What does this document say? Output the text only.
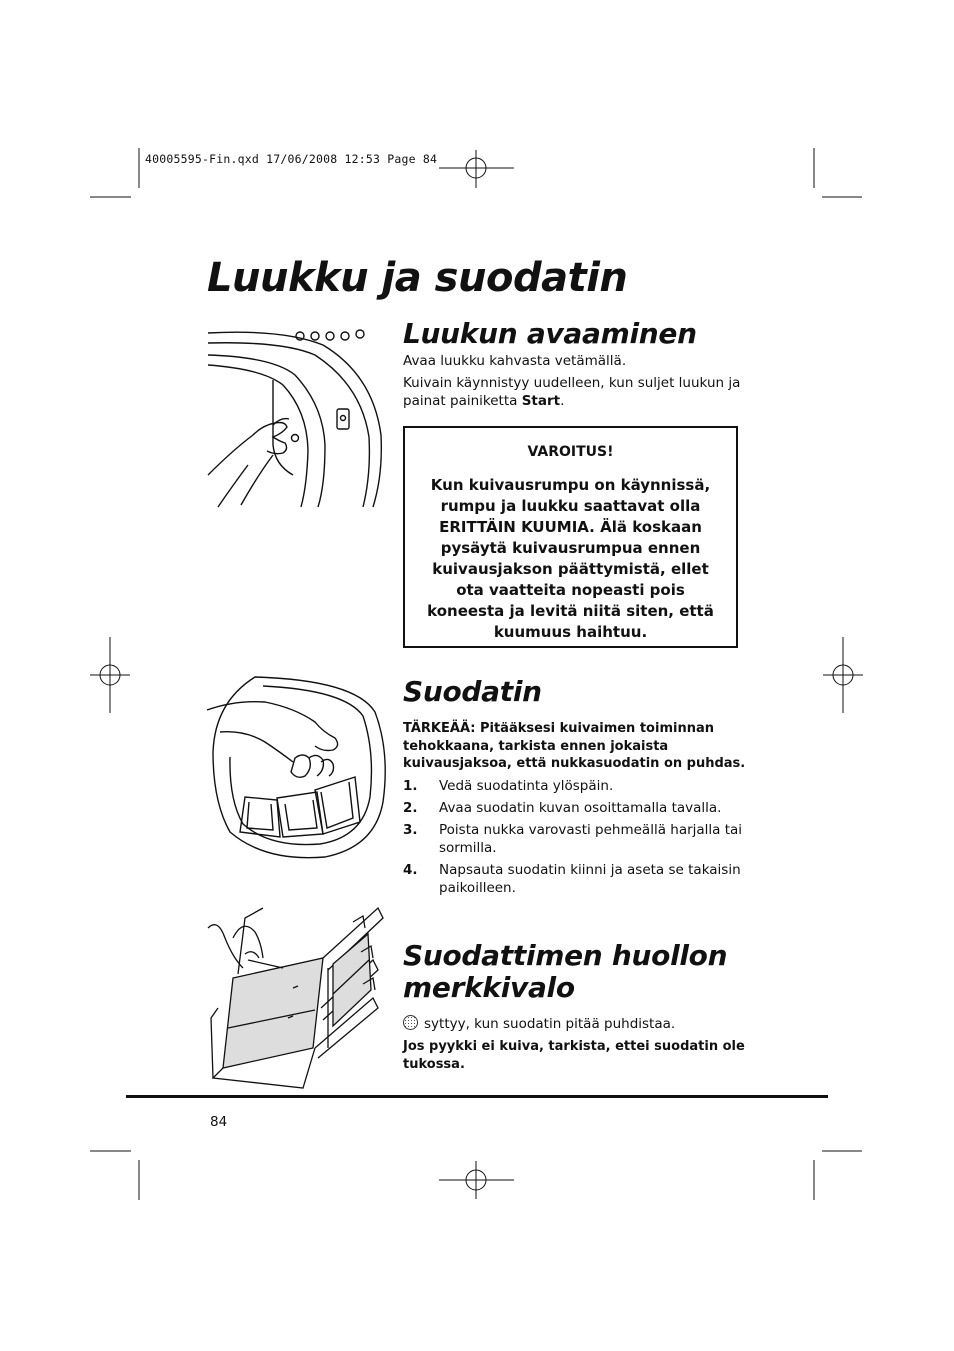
40005595-Fin.qxd 17/06/2008 12:53 Page 84
Luukku ja suodatin
Luukun avaaminen
Avaa luukku kahvasta vetämällä.
Kuivain käynnistyy uudelleen, kun suljet luukun ja painat painiketta Start.
VAROITUS!
Kun kuivausrumpu on käynnissä, rumpu ja luukku saattavat olla ERITTÄIN KUUMIA. Älä koskaan pysäytä kuivausrumpua ennen kuivausjakson päättymistä, ellet ota vaatteita nopeasti pois koneesta ja levitä niitä siten, että kuumuus haihtuu.
Suodatin
TÄRKEÄÄ: Pitääksesi kuivaimen toiminnan tehokkaana, tarkista ennen jokaista kuivausjaksoa, että nukkasuodatin on puhdas.
1. Vedä suodatinta ylöspäin.
2. Avaa suodatin kuvan osoittamalla tavalla.
3. Poista nukka varovasti pehmeällä harjalla tai sormilla.
4. Napsauta suodatin kiinni ja aseta se takaisin paikoilleen.
Suodattimen huollon merkkivalo
syttyy, kun suodatin pitää puhdistaa.
Jos pyykki ei kuiva, tarkista, ettei suodatin ole tukossa.
84
